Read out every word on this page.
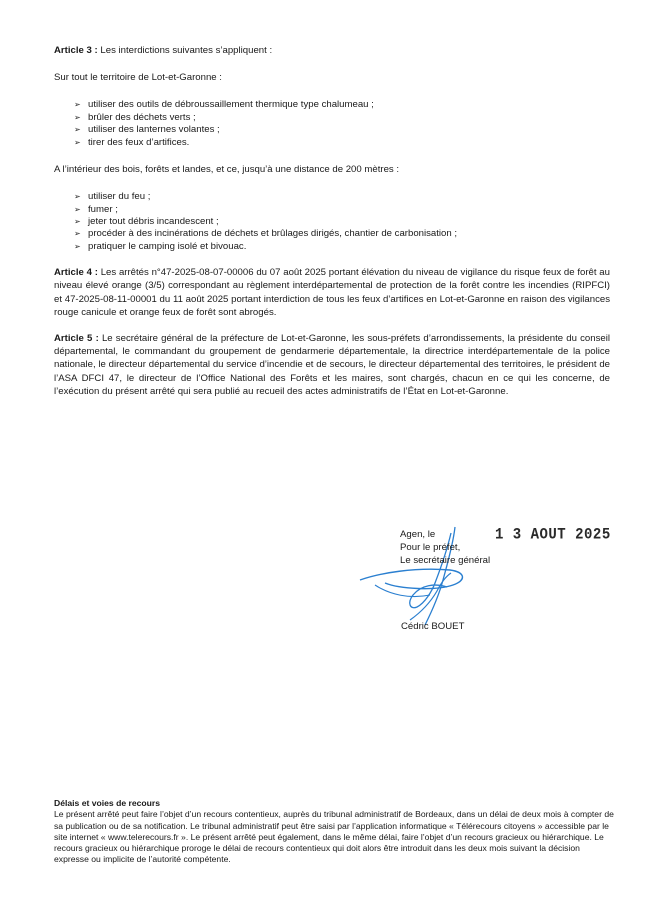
Article 3 : Les interdictions suivantes s’appliquent :

Sur tout le territoire de Lot-et-Garonne :

➢ utiliser des outils de débroussaillement thermique type chalumeau ;
➢ brûler des déchets verts ;
➢ utiliser des lanternes volantes ;
➢ tirer des feux d’artifices.

A l’intérieur des bois, forêts et landes, et ce, jusqu’à une distance de 200 mètres :

➢ utiliser du feu ;
➢ fumer ;
➢ jeter tout débris incandescent ;
➢ procéder à des incinérations de déchets et brûlages dirigés, chantier de carbonisation ;
➢ pratiquer le camping isolé et bivouac.

Article 4 : Les arrêtés n°47-2025-08-07-00006 du 07 août 2025 portant élévation du niveau de vigilance du risque feux de forêt au niveau élevé orange (3/5) correspondant au règlement interdépartemental de protection de la forêt contre les incendies (RIPFCI) et 47-2025-08-11-00001 du 11 août 2025 portant interdiction de tous les feux d’artifices en Lot-et-Garonne en raison des vigilances rouge canicule et orange feux de forêt sont abrogés.

Article 5 : Le secrétaire général de la préfecture de Lot-et-Garonne, les sous-préfets d’arrondissements, la présidente du conseil départemental, le commandant du groupement de gendarmerie départementale, la directrice interdépartementale de la police nationale, le directeur départemental du service d’incendie et de secours, le directeur départemental des territoires, le président de l’ASA DFCI 47, le directeur de l’Office National des Forêts et les maires, sont chargés, chacun en ce qui les concerne, de l’exécution du présent arrêté qui sera publié au recueil des actes administratifs de l’État en Lot-et-Garonne.

Agen, le
Pour le préfet,
Le secrétaire général
1 3 AOUT 2025
Cédric BOUET
Délais et voies de recours
Le présent arrêté peut faire l’objet d’un recours contentieux, auprès du tribunal administratif de Bordeaux, dans un délai de deux mois à compter de sa publication ou de sa notification. Le tribunal administratif peut être saisi par l’application informatique « Télérecours citoyens » accessible par le site internet « www.telerecours.fr ». Le présent arrêté peut également, dans le même délai, faire l’objet d’un recours gracieux ou hiérarchique. Le recours gracieux ou hiérarchique proroge le délai de recours contentieux qui doit alors être introduit dans les deux mois suivant la décision expresse ou implicite de l’autorité compétente.
